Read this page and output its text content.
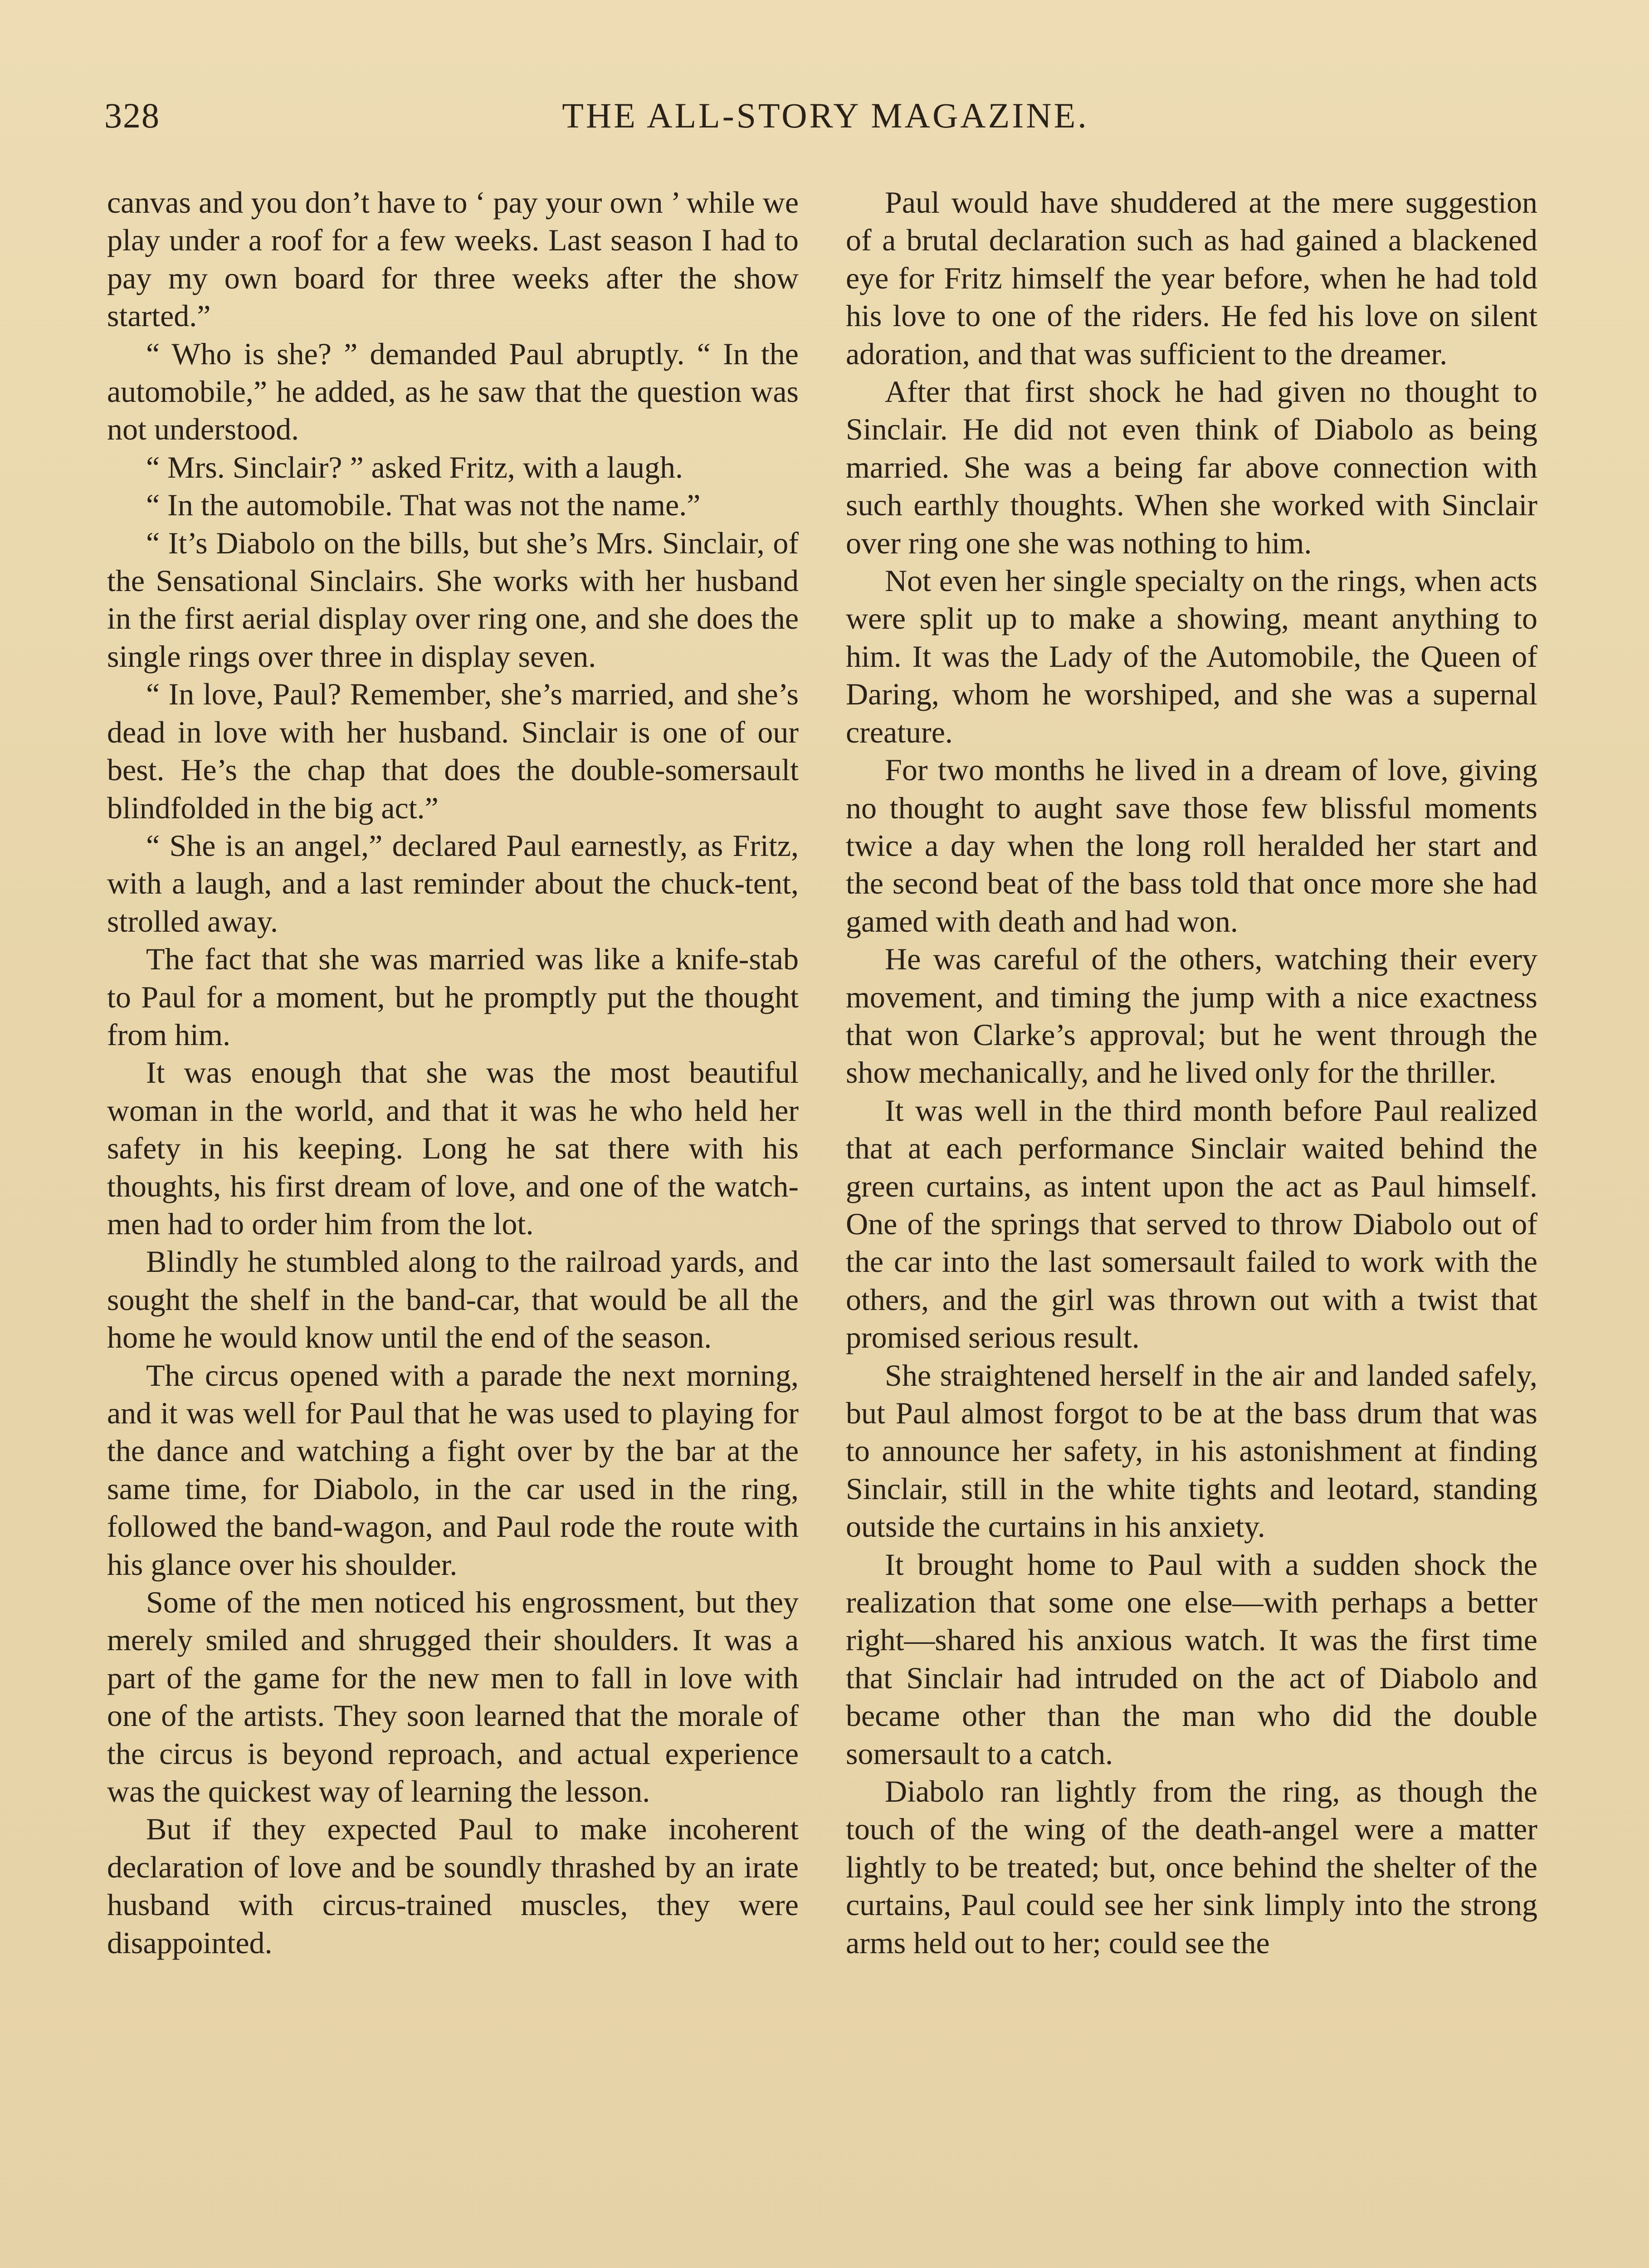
328	THE ALL-STORY MAGAZINE.

canvas and you don’t have to ‘ pay your own ’ while we play under a roof for a few weeks. Last season I had to pay my own board for three weeks after the show started.”

“ Who is she? ” demanded Paul abruptly. “ In the automobile,” he added, as he saw that the question was not understood.

“ Mrs. Sinclair? ” asked Fritz, with a laugh.

“ In the automobile. That was not the name.”

“ It’s Diabolo on the bills, but she’s Mrs. Sinclair, of the Sensational Sinclairs. She works with her husband in the first aerial display over ring one, and she does the single rings over three in display seven.

“ In love, Paul? Remember, she’s married, and she’s dead in love with her husband. Sinclair is one of our best. He’s the chap that does the double-somersault blindfolded in the big act.”

“ She is an angel,” declared Paul earnestly, as Fritz, with a laugh, and a last reminder about the chuck-tent, strolled away.

The fact that she was married was like a knife-stab to Paul for a moment, but he promptly put the thought from him.

It was enough that she was the most beautiful woman in the world, and that it was he who held her safety in his keeping. Long he sat there with his thoughts, his first dream of love, and one of the watchmen had to order him from the lot.

Blindly he stumbled along to the railroad yards, and sought the shelf in the band-car, that would be all the home he would know until the end of the season.

The circus opened with a parade the next morning, and it was well for Paul that he was used to playing for the dance and watching a fight over by the bar at the same time, for Diabolo, in the car used in the ring, followed the band-wagon, and Paul rode the route with his glance over his shoulder.

Some of the men noticed his engrossment, but they merely smiled and shrugged their shoulders. It was a part of the game for the new men to fall in love with one of the artists. They soon learned that the morale of the circus is beyond reproach, and actual experience was the quickest way of learning the lesson.

But if they expected Paul to make incoherent declaration of love and be soundly thrashed by an irate husband with circus-trained muscles, they were disappointed.

Paul would have shuddered at the mere suggestion of a brutal declaration such as had gained a blackened eye for Fritz himself the year before, when he had told his love to one of the riders. He fed his love on silent adoration, and that was sufficient to the dreamer.

After that first shock he had given no thought to Sinclair. He did not even think of Diabolo as being married. She was a being far above connection with such earthly thoughts. When she worked with Sinclair over ring one she was nothing to him.

Not even her single specialty on the rings, when acts were split up to make a showing, meant anything to him. It was the Lady of the Automobile, the Queen of Daring, whom he worshiped, and she was a supernal creature.

For two months he lived in a dream of love, giving no thought to aught save those few blissful moments twice a day when the long roll heralded her start and the second beat of the bass told that once more she had gamed with death and had won.

He was careful of the others, watching their every movement, and timing the jump with a nice exactness that won Clarke’s approval; but he went through the show mechanically, and he lived only for the thriller.

It was well in the third month before Paul realized that at each performance Sinclair waited behind the green curtains, as intent upon the act as Paul himself. One of the springs that served to throw Diabolo out of the car into the last somersault failed to work with the others, and the girl was thrown out with a twist that promised serious result.

She straightened herself in the air and landed safely, but Paul almost forgot to be at the bass drum that was to announce her safety, in his astonishment at finding Sinclair, still in the white tights and leotard, standing outside the curtains in his anxiety.

It brought home to Paul with a sudden shock the realization that some one else—with perhaps a better right—shared his anxious watch. It was the first time that Sinclair had intruded on the act of Diabolo and became other than the man who did the double somersault to a catch.

Diabolo ran lightly from the ring, as though the touch of the wing of the death-angel were a matter lightly to be treated; but, once behind the shelter of the curtains, Paul could see her sink limply into the strong arms held out to her; could see the
